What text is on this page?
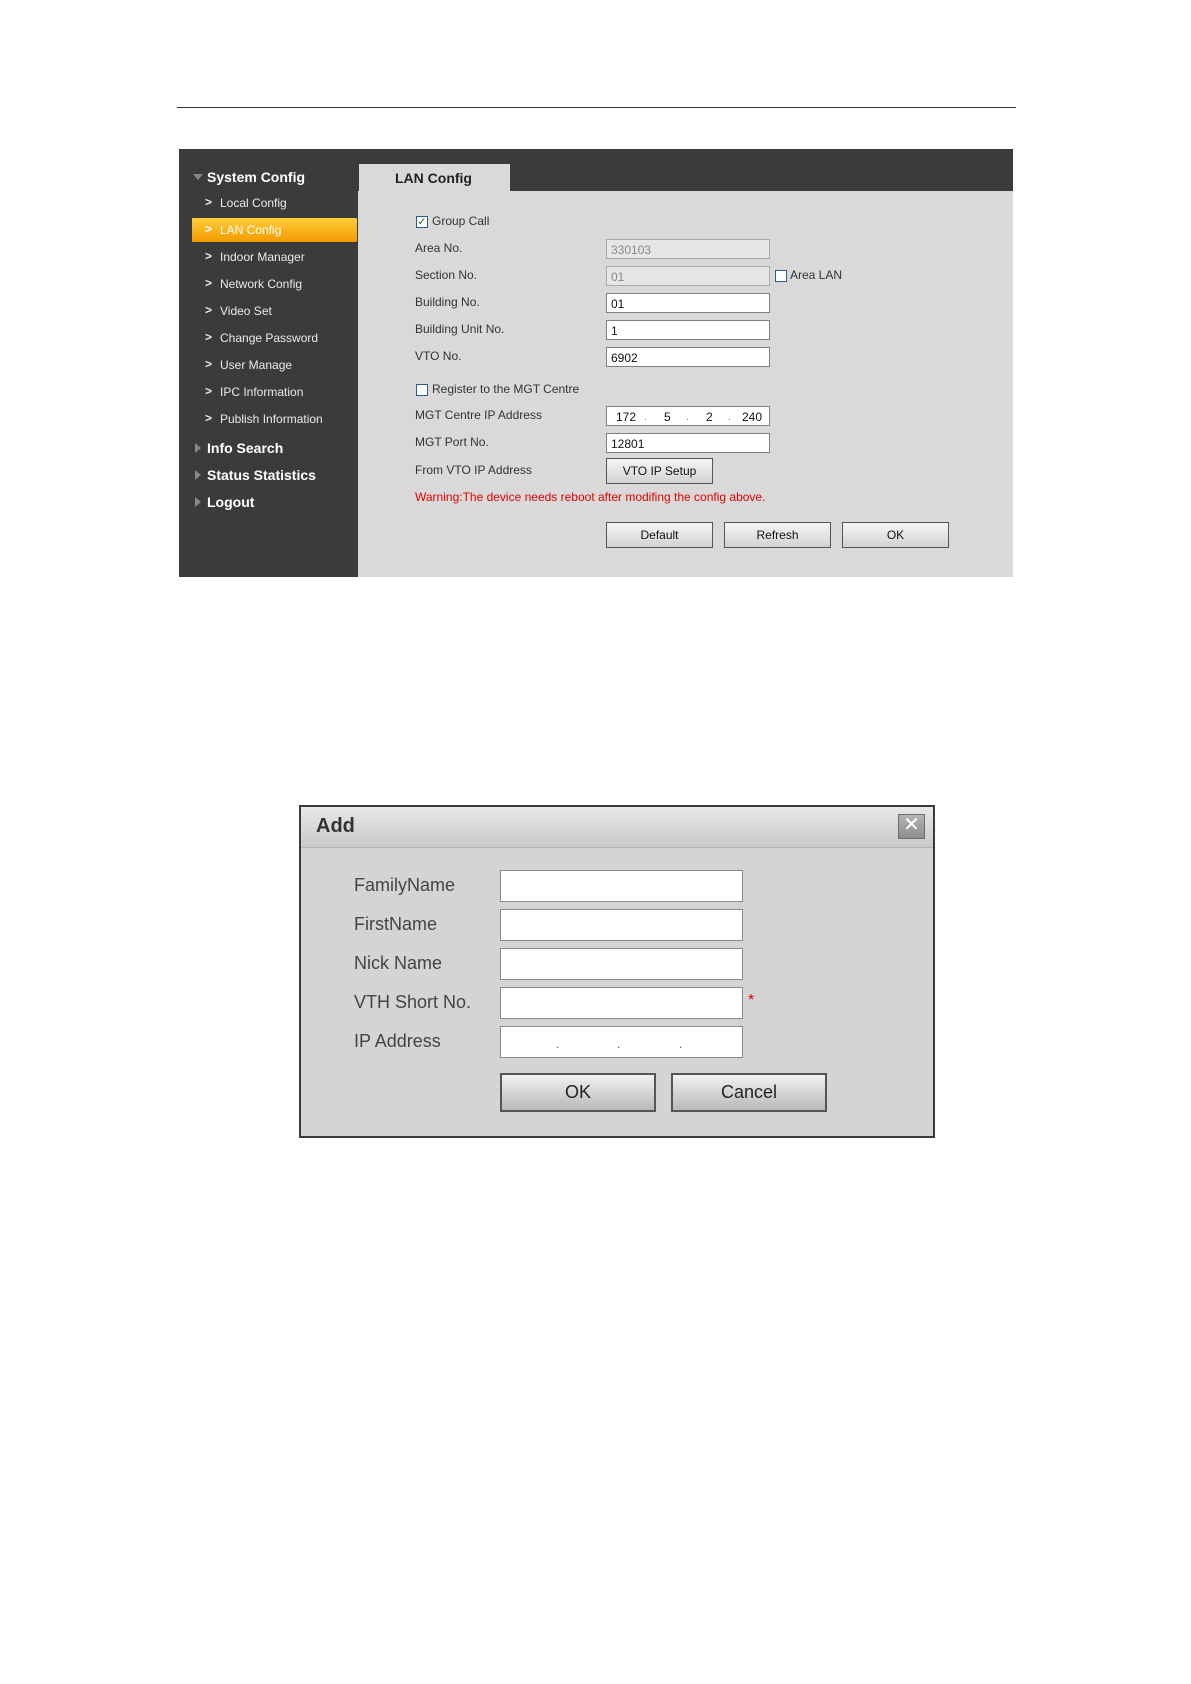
System Config
> Local Config
> LAN Config
> Indoor Manager
> Network Config
> Video Set
> Change Password
> User Manage
> IPC Information
> Publish Information
Info Search
Status Statistics
Logout
LAN Config
✓ Group Call
Area No.	330103
Section No.	01	Area LAN
Building No.	01
Building Unit No.	1
VTO No.	6902
Register to the MGT Centre
MGT Centre IP Address	172 . 5 . 2 . 240
MGT Port No.	12801
From VTO IP Address	VTO IP Setup
Warning:The device needs reboot after modifing the config above.
Default	Refresh	OK
Add	✕
FamilyName
FirstName
Nick Name
VTH Short No.	*
IP Address	.	.	.
OK	Cancel
